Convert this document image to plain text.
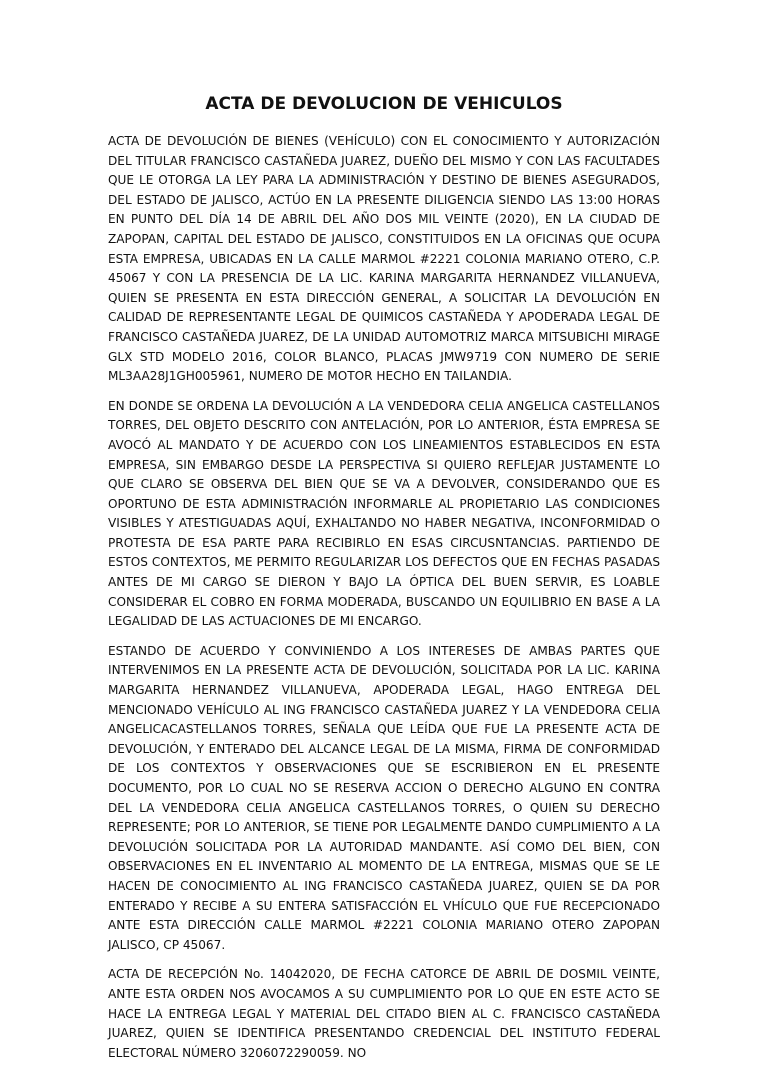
ACTA DE DEVOLUCION DE VEHICULOS

ACTA DE DEVOLUCIÓN DE BIENES (VEHÍCULO) CON EL CONOCIMIENTO Y AUTORIZACIÓN DEL TITULAR FRANCISCO CASTAÑEDA JUAREZ, DUEÑO DEL MISMO Y CON LAS FACULTADES QUE LE OTORGA LA LEY PARA LA ADMINISTRACIÓN Y DESTINO DE BIENES ASEGURADOS, DEL ESTADO DE JALISCO, ACTÚO EN LA PRESENTE DILIGENCIA SIENDO LAS 13:00 HORAS EN PUNTO DEL DÍA 14 DE ABRIL DEL AÑO DOS MIL VEINTE (2020), EN LA CIUDAD DE ZAPOPAN, CAPITAL DEL ESTADO DE JALISCO, CONSTITUIDOS EN LA OFICINAS QUE OCUPA ESTA EMPRESA, UBICADAS EN LA CALLE MARMOL #2221 COLONIA MARIANO OTERO, C.P. 45067 Y CON LA PRESENCIA DE LA LIC. KARINA MARGARITA HERNANDEZ VILLANUEVA, QUIEN SE PRESENTA EN ESTA DIRECCIÓN GENERAL, A SOLICITAR LA DEVOLUCIÓN EN CALIDAD DE REPRESENTANTE LEGAL DE QUIMICOS CASTAÑEDA Y APODERADA LEGAL DE FRANCISCO CASTAÑEDA JUAREZ, DE LA UNIDAD AUTOMOTRIZ MARCA MITSUBICHI MIRAGE GLX STD MODELO 2016, COLOR BLANCO, PLACAS JMW9719 CON NUMERO DE SERIE ML3AA28J1GH005961, NUMERO DE MOTOR HECHO EN TAILANDIA.

EN DONDE SE ORDENA LA DEVOLUCIÓN A LA VENDEDORA CELIA ANGELICA CASTELLANOS TORRES, DEL OBJETO DESCRITO CON ANTELACIÓN, POR LO ANTERIOR, ÉSTA EMPRESA SE AVOCÓ AL MANDATO Y DE ACUERDO CON LOS LINEAMIENTOS ESTABLECIDOS EN ESTA EMPRESA, SIN EMBARGO DESDE LA PERSPECTIVA SI QUIERO REFLEJAR JUSTAMENTE LO QUE CLARO SE OBSERVA DEL BIEN QUE SE VA A DEVOLVER, CONSIDERANDO QUE ES OPORTUNO DE ESTA ADMINISTRACIÓN INFORMARLE AL PROPIETARIO LAS CONDICIONES VISIBLES Y ATESTIGUADAS AQUÍ, EXHALTANDO NO HABER NEGATIVA, INCONFORMIDAD O PROTESTA DE ESA PARTE PARA RECIBIRLO EN ESAS CIRCUSNTANCIAS. PARTIENDO DE ESTOS CONTEXTOS, ME PERMITO REGULARIZAR LOS DEFECTOS QUE EN FECHAS PASADAS ANTES DE MI CARGO SE DIERON Y BAJO LA ÓPTICA DEL BUEN SERVIR, ES LOABLE CONSIDERAR EL COBRO EN FORMA MODERADA, BUSCANDO UN EQUILIBRIO EN BASE A LA LEGALIDAD DE LAS ACTUACIONES DE MI ENCARGO.

ESTANDO DE ACUERDO Y CONVINIENDO A LOS INTERESES DE AMBAS PARTES QUE INTERVENIMOS EN LA PRESENTE ACTA DE DEVOLUCIÓN, SOLICITADA POR LA LIC. KARINA MARGARITA HERNANDEZ VILLANUEVA, APODERADA LEGAL, HAGO ENTREGA DEL MENCIONADO VEHÍCULO AL ING FRANCISCO CASTAÑEDA JUAREZ Y LA VENDEDORA CELIA ANGELICACASTELLANOS TORRES, SEÑALA QUE LEÍDA QUE FUE LA PRESENTE ACTA DE DEVOLUCIÓN, Y ENTERADO DEL ALCANCE LEGAL DE LA MISMA, FIRMA DE CONFORMIDAD DE LOS CONTEXTOS Y OBSERVACIONES QUE SE ESCRIBIERON EN EL PRESENTE DOCUMENTO, POR LO CUAL NO SE RESERVA ACCION O DERECHO ALGUNO EN CONTRA DEL LA VENDEDORA CELIA ANGELICA CASTELLANOS TORRES, O QUIEN SU DERECHO REPRESENTE; POR LO ANTERIOR, SE TIENE POR LEGALMENTE DANDO CUMPLIMIENTO A LA DEVOLUCIÓN SOLICITADA POR LA AUTORIDAD MANDANTE. ASÍ COMO DEL BIEN, CON OBSERVACIONES EN EL INVENTARIO AL MOMENTO DE LA ENTREGA, MISMAS QUE SE LE HACEN DE CONOCIMIENTO AL ING FRANCISCO CASTAÑEDA JUAREZ, QUIEN SE DA POR ENTERADO Y RECIBE A SU ENTERA SATISFACCIÓN EL VHÍCULO QUE FUE RECEPCIONADO ANTE ESTA DIRECCIÓN CALLE MARMOL #2221 COLONIA MARIANO OTERO ZAPOPAN JALISCO, CP 45067.

ACTA DE RECEPCIÓN No. 14042020, DE FECHA CATORCE DE ABRIL DE DOSMIL VEINTE, ANTE ESTA ORDEN NOS AVOCAMOS A SU CUMPLIMIENTO POR LO QUE EN ESTE ACTO SE HACE LA ENTREGA LEGAL Y MATERIAL DEL CITADO BIEN AL C. FRANCISCO CASTAÑEDA JUAREZ, QUIEN SE IDENTIFICA PRESENTANDO CREDENCIAL DEL INSTITUTO FEDERAL ELECTORAL NÚMERO 3206072290059. NO
